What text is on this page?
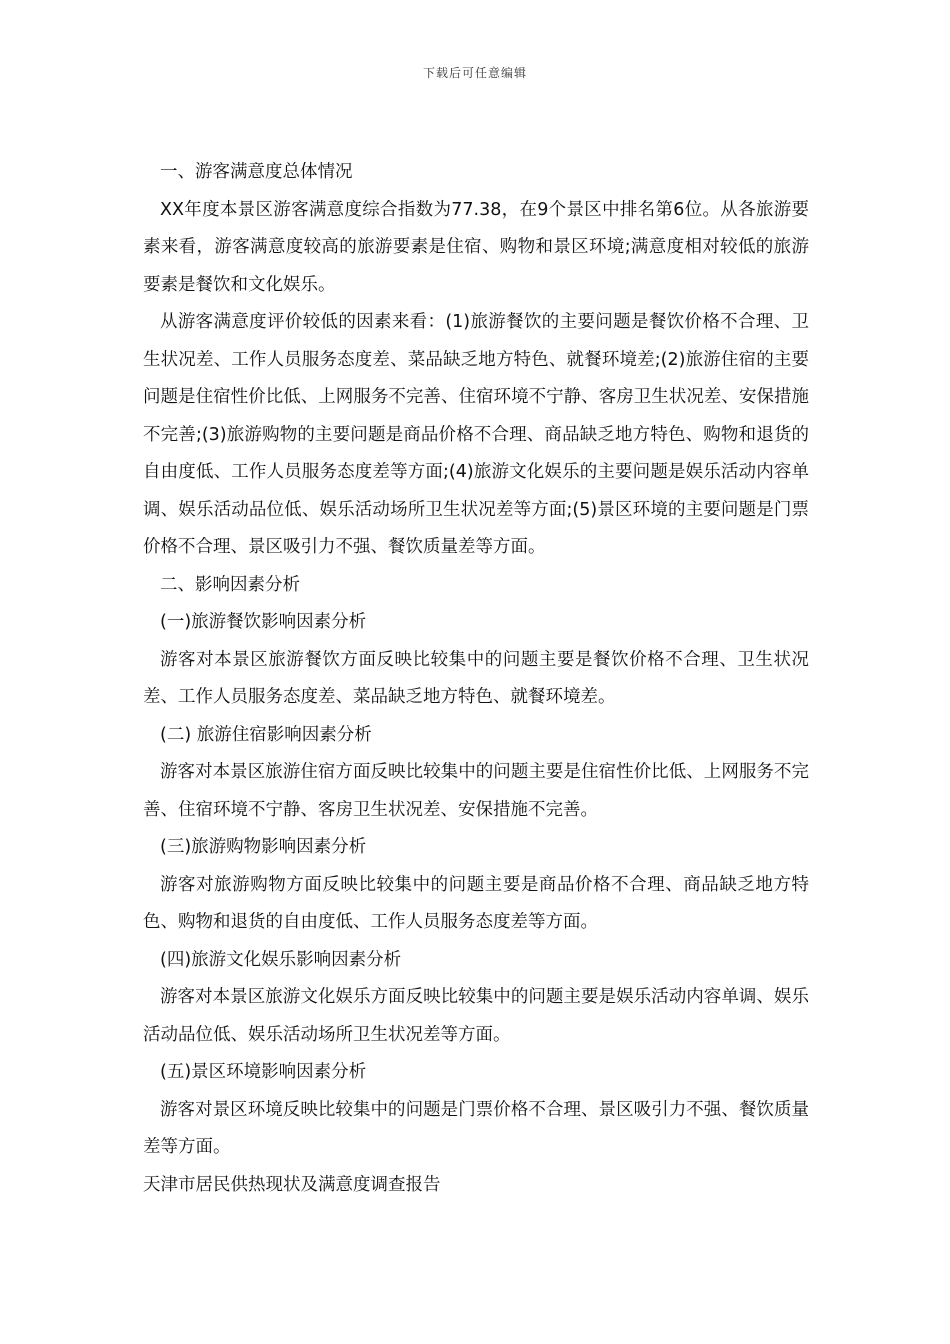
下载后可任意编辑

一、游客满意度总体情况

XX年度本景区游客满意度综合指数为77.38，在9个景区中排名第6位。从各旅游要素来看，游客满意度较高的旅游要素是住宿、购物和景区环境;满意度相对较低的旅游要素是餐饮和文化娱乐。

从游客满意度评价较低的因素来看：(1)旅游餐饮的主要问题是餐饮价格不合理、卫生状况差、工作人员服务态度差、菜品缺乏地方特色、就餐环境差;(2)旅游住宿的主要问题是住宿性价比低、上网服务不完善、住宿环境不宁静、客房卫生状况差、安保措施不完善;(3)旅游购物的主要问题是商品价格不合理、商品缺乏地方特色、购物和退货的自由度低、工作人员服务态度差等方面;(4)旅游文化娱乐的主要问题是娱乐活动内容单调、娱乐活动品位低、娱乐活动场所卫生状况差等方面;(5)景区环境的主要问题是门票价格不合理、景区吸引力不强、餐饮质量差等方面。

二、影响因素分析

(一)旅游餐饮影响因素分析

游客对本景区旅游餐饮方面反映比较集中的问题主要是餐饮价格不合理、卫生状况差、工作人员服务态度差、菜品缺乏地方特色、就餐环境差。

(二) 旅游住宿影响因素分析

游客对本景区旅游住宿方面反映比较集中的问题主要是住宿性价比低、上网服务不完善、住宿环境不宁静、客房卫生状况差、安保措施不完善。

(三)旅游购物影响因素分析

游客对旅游购物方面反映比较集中的问题主要是商品价格不合理、商品缺乏地方特色、购物和退货的自由度低、工作人员服务态度差等方面。

(四)旅游文化娱乐影响因素分析

游客对本景区旅游文化娱乐方面反映比较集中的问题主要是娱乐活动内容单调、娱乐活动品位低、娱乐活动场所卫生状况差等方面。

(五)景区环境影响因素分析

游客对景区环境反映比较集中的问题是门票价格不合理、景区吸引力不强、餐饮质量差等方面。

天津市居民供热现状及满意度调查报告
